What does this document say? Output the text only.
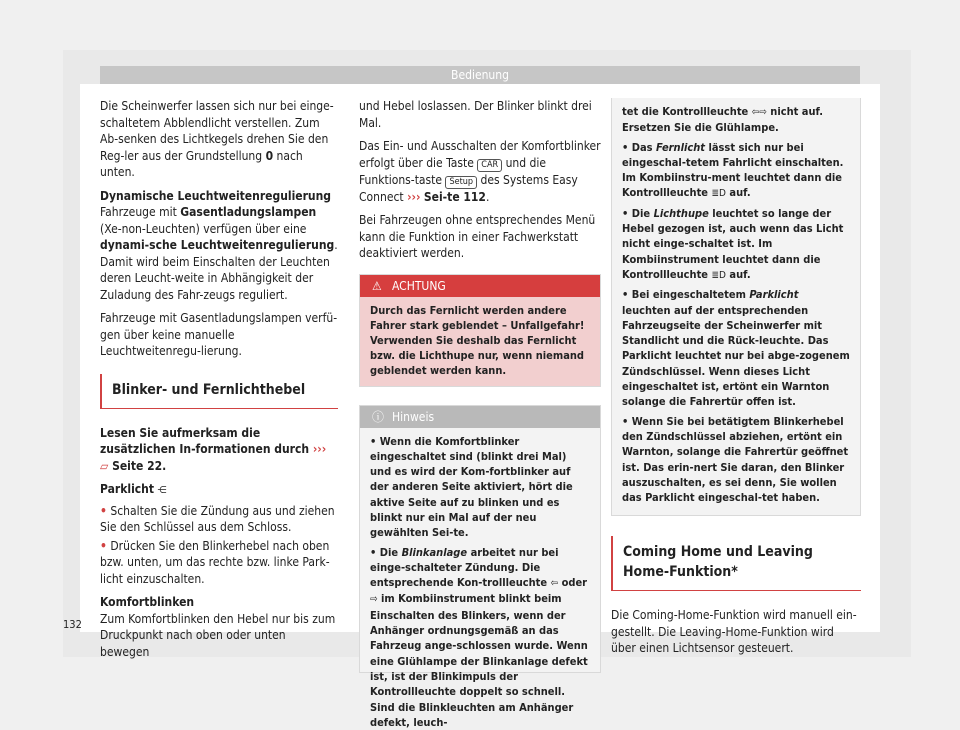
Bedienung

Die Scheinwerfer lassen sich nur bei einge-schaltetem Abblendlicht verstellen. Zum Ab-senken des Lichtkegels drehen Sie den Reg-ler aus der Grundstellung 0 nach unten.

Dynamische Leuchtweitenregulierung

Fahrzeuge mit Gasentladungslampen (Xe-non-Leuchten) verfügen über eine dynami-sche Leuchtweitenregulierung. Damit wird beim Einschalten der Leuchten deren Leucht-weite in Abhängigkeit der Zuladung des Fahr-zeugs reguliert.

Fahrzeuge mit Gasentladungslampen verfü-gen über keine manuelle Leuchtweitenregu-lierung.

Blinker- und Fernlichthebel

Lesen Sie aufmerksam die zusätzlichen In-formationen durch ››› ▱ Seite 22.

Parklicht ⋲

• Schalten Sie die Zündung aus und ziehen Sie den Schlüssel aus dem Schloss.

• Drücken Sie den Blinkerhebel nach oben bzw. unten, um das rechte bzw. linke Park-licht einzuschalten.

Komfortblinken

Zum Komfortblinken den Hebel nur bis zum Druckpunkt nach oben oder unten bewegen

und Hebel loslassen. Der Blinker blinkt drei Mal.

Das Ein- und Ausschalten der Komfortblinker erfolgt über die Taste CAR und die Funktions-taste Setup des Systems Easy Connect ››› Sei-te 112.

Bei Fahrzeugen ohne entsprechendes Menü kann die Funktion in einer Fachwerkstatt deaktiviert werden.

⚠ ACHTUNG
Durch das Fernlicht werden andere Fahrer stark geblendet – Unfallgefahr! Verwenden Sie deshalb das Fernlicht bzw. die Lichthupe nur, wenn niemand geblendet werden kann.
ⓘ Hinweis

• Wenn die Komfortblinker eingeschaltet sind (blinkt drei Mal) und es wird der Kom-fortblinker auf der anderen Seite aktiviert, hört die aktive Seite auf zu blinken und es blinkt nur ein Mal auf der neu gewählten Sei-te.

• Die Blinkanlage arbeitet nur bei einge-schalteter Zündung. Die entsprechende Kon-trollleuchte ⇦ oder ⇨ im Kombiinstrument blinkt beim Einschalten des Blinkers, wenn der Anhänger ordnungsgemäß an das Fahrzeug ange-schlossen wurde. Wenn eine Glühlampe der Blinkanlage defekt ist, ist der Blinkimpuls der Kontrollleuchte doppelt so schnell. Sind die Blinkleuchten am Anhänger defekt, leuch-

tet die Kontrollleuchte ⇦⇨ nicht auf. Ersetzen Sie die Glühlampe.

• Das Fernlicht lässt sich nur bei eingeschal-tetem Fahrlicht einschalten. Im Kombiinstru-ment leuchtet dann die Kontrollleuchte ≣D auf.

• Die Lichthupe leuchtet so lange der Hebel gezogen ist, auch wenn das Licht nicht einge-schaltet ist. Im Kombiinstrument leuchtet dann die Kontrollleuchte ≣D auf.

• Bei eingeschaltetem Parklicht leuchten auf der entsprechenden Fahrzeugseite der Scheinwerfer mit Standlicht und die Rück-leuchte. Das Parklicht leuchtet nur bei abge-zogenem Zündschlüssel. Wenn dieses Licht eingeschaltet ist, ertönt ein Warnton solange die Fahrertür offen ist.

• Wenn Sie bei betätigtem Blinkerhebel den Zündschlüssel abziehen, ertönt ein Warnton, solange die Fahrertür geöffnet ist. Das erin-nert Sie daran, den Blinker auszuschalten, es sei denn, Sie wollen das Parklicht eingeschal-tet haben.

Coming Home und Leaving Home-Funktion*

Die Coming-Home-Funktion wird manuell ein-gestellt. Die Leaving-Home-Funktion wird über einen Lichtsensor gesteuert.

132
